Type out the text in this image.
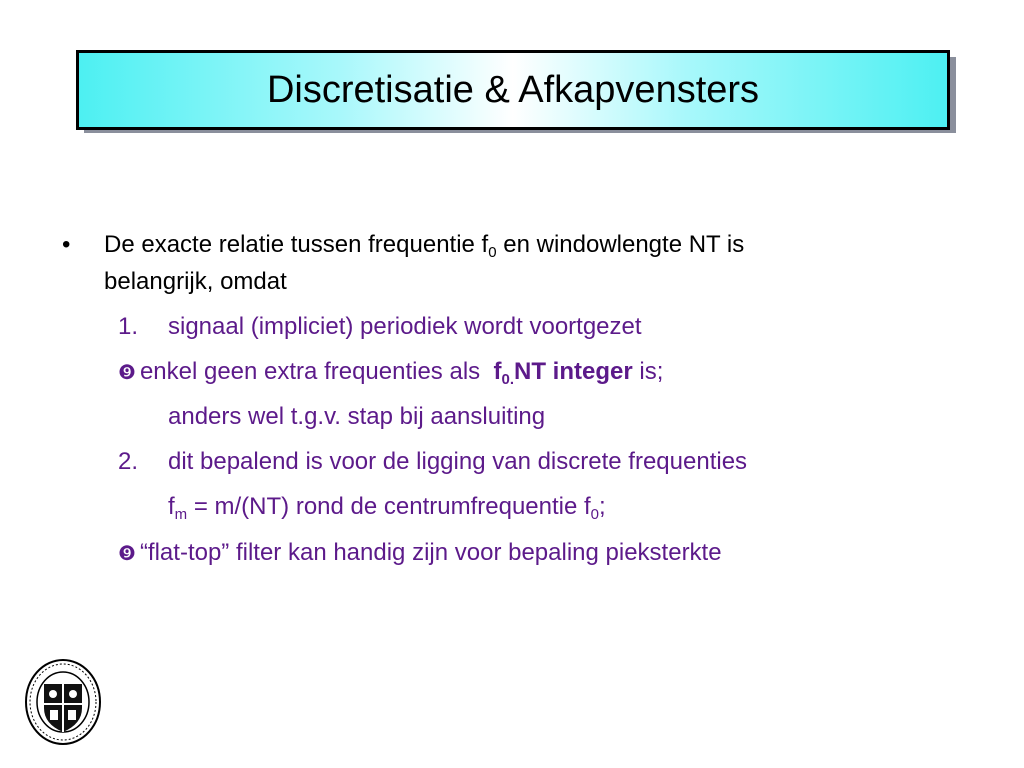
Discretisatie & Afkapvensters
• De exacte relatie tussen frequentie $f_0$ en windowlengte NT is
belangrijk, omdat
1. signaal (impliciet) periodiek wordt voortgezet
❾ enkel geen extra frequenties als  $f_{0.}NT$ integer is;
anders wel t.g.v. stap bij aansluiting
2. dit bepalend is voor de ligging van discrete frequenties
$f_m = m/(NT)$ rond de centrumfrequentie $f_0$;
❾ “flat-top” filter kan handig zijn voor bepaling pieksterkte
